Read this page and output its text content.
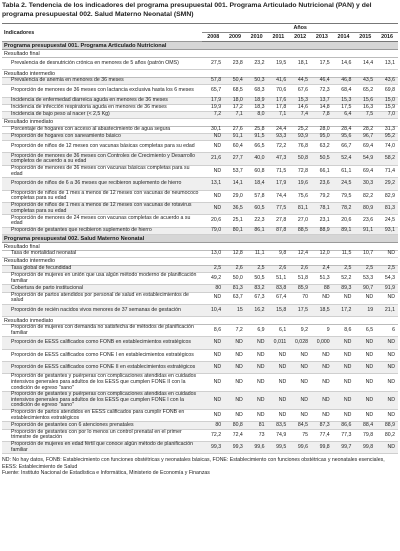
Tabla 2. Tendencia de los indicadores del programa presupuestal 001. Programa Articulado Nutricional (PAN) y del programa presupuestal 002. Salud Materno Neonatal (SMN)
Indicadores	Años								
	2008	2009	2010	2011	2012	2013	2014	2015	2016
Programa presupuestal 001. Programa Articulado Nutricional									
Resultado final									
Prevalencia de desnutrición crónica en menores de 5 años (patrón OMS)	27,5	23,8	23,2	19,5	18,1	17,5	14,6	14,4	13,1
Resultado intermedio									
Prevalencia de anemia en menores de 36 meses	57,8	50,4	50,3	41,6	44,5	46,4	46,8	43,5	43,6
Proporción de menores de 36 meses con lactancia exclusiva hasta los 6 meses	65,7	68,5	68,3	70,6	67,6	72,3	68,4	65,2	69,8
Incidencia de enfermedad diarreica aguda en menores de 36 meses	17,9	18,0	18,9	17,6	15,3	13,7	15,3	15,6	15,0
Incidencia de infección respiratoria aguda en menores de 36 meses	19,9	17,2	18,3	17,8	14,6	14,8	17,5	16,3	15,9
Incidencia de bajo peso al nacer (< 2,5 Kg)	7,2	7,1	8,0	7,1	7,4	7,8	6,4	7,5	7,0
Resultado inmediato									
Porcentaje de hogares con acceso al abastecimiento de agua segura	30,1	27,6	25,8	24,4	25,2	28,0	28,4	28,2	31,3
Proporción de hogares con saneamiento básico	ND	91,1	91,5	93,3	93,9	95,0	95,6	96,7	95,2
Proporción de niños de 12 meses con vacunas básicas completas para su edad	ND	60,4	66,5	72,2	76,8	63,2	66,7	69,4	74,0
Proporción de menores de 36 meses con Controles de Crecimiento y Desarrollo completos de acuerdo a su edad	21,6	27,7	40,0	47,3	50,8	50,5	52,4	54,9	58,2
Proporción de menores de 36 meses con vacunas básicas completas para su edad	ND	53,7	60,8	71,5	72,8	66,1	61,1	69,4	71,4
Proporción de niños de 6 a 36 meses que recibieron suplemento de hierro	13,1	14,1	18,4	17,9	19,6	23,6	24,5	30,3	29,2
Proporción de niños de 1 mes a menos de 12 meses con vacunas de neumococo completas para su edad	ND	29,0	57,8	74,4	75,6	79,2	79,5	82,2	82,9
Proporción de niños de 1 mes a menos de 12 meses con vacunas de rotavirus completas para su edad	ND	36,5	60,5	77,5	81,1	78,1	78,2	80,9	81,3
Proporción de menores de 24 meses con vacunas completas de acuerdo a su edad	20,6	25,1	22,3	27,8	27,0	23,1	20,6	23,6	24,5
Proporción de gestantes que recibieron suplemento de hierro	79,0	80,1	86,1	87,8	88,5	88,9	89,1	91,1	93,1
Programa presupuestal 002. Salud Materno Neonatal									
Resultado final									
Tasa de mortalidad neonatal	13,0	12,8	11,1	9,8	12,4	12,0	11,5	10,7	ND
Resultado intermedio									
Tasa global de fecundidad	2,5	2,6	2,5	2,6	2,6	2,4	2,5	2,5	2,5
Proporción de mujeres en unión que usa algún método moderno de planificación familiar	49,2	50,0	50,5	51,1	51,8	51,3	52,2	53,3	54,3
Cobertura de parto institucional	80	81,3	83,2	83,8	85,9	88	89,3	90,7	91,9
Proporción de partos atendidos por personal de salud en establecimientos de salud	ND	63,7	67,3	67,4	70	ND	ND	ND	ND
Proporción de recién nacidos vivos menores de 37 semanas de gestación	10,4	15	16,2	15,8	17,5	18,5	17,2	19	21,1
Resultado inmediato									
Proporción de mujeres con demanda no satisfecha de métodos de planificación familiar	8,6	7,2	6,9	6,1	9,2	9	8,6	6,5	6
Proporción de EESS calificados como FONB en establecimientos estratégicos	ND	ND	ND	0,011	0,028	0,000	ND	ND	ND
Proporción de EESS calificados como FONE I en establecimientos estratégicos	ND	ND	ND	ND	ND	ND	ND	ND	ND
Proporción de EESS calificados como FONE II en establecimientos estratégicos	ND	ND	ND	ND	ND	ND	ND	ND	ND
Proporción de gestantes y puérperas con complicaciones atendidas en cuidados intensivos generales para adultos de los EESS que cumplen FONE II con la condición de egreso "sano"	ND	ND	ND	ND	ND	ND	ND	ND	ND
Proporción de gestantes y puérperas con complicaciones atendidas en cuidados intensivos generales para adultos de los EESS que cumplen FONE I con la condición de egreso "sano"	ND	ND	ND	ND	ND	ND	ND	ND	ND
Proporción de partos atendidos en EESS calificados para cumplir FONB en establecimientos estratégicos	ND	ND	ND	ND	ND	ND	ND	ND	ND
Proporción de gestantes con 6 atenciones prenatales	80	80,8	81	83,5	84,5	87,3	86,6	88,4	88,9
Proporción de gestantes con por lo menos un control prenatal en el primer trimestre de gestación	72,2	72,4	73	74,9	75	77,4	77,3	79,8	80,2
Proporción de mujeres en edad fértil que conoce algún método de planificación familiar	99,3	99,3	99,6	99,5	99,6	99,8	99,7	99,8	ND
ND: No hay datos, FONB: Establecimiento con funciones obstétricas y neonatales básicas, FONE: Establecimiento con funciones obstétricas y neonatales esenciales, EESS: Establecimiento de Salud
Fuente: Instituto Nacional de Estadística e Informática, Ministerio de Economía y Finanzas
